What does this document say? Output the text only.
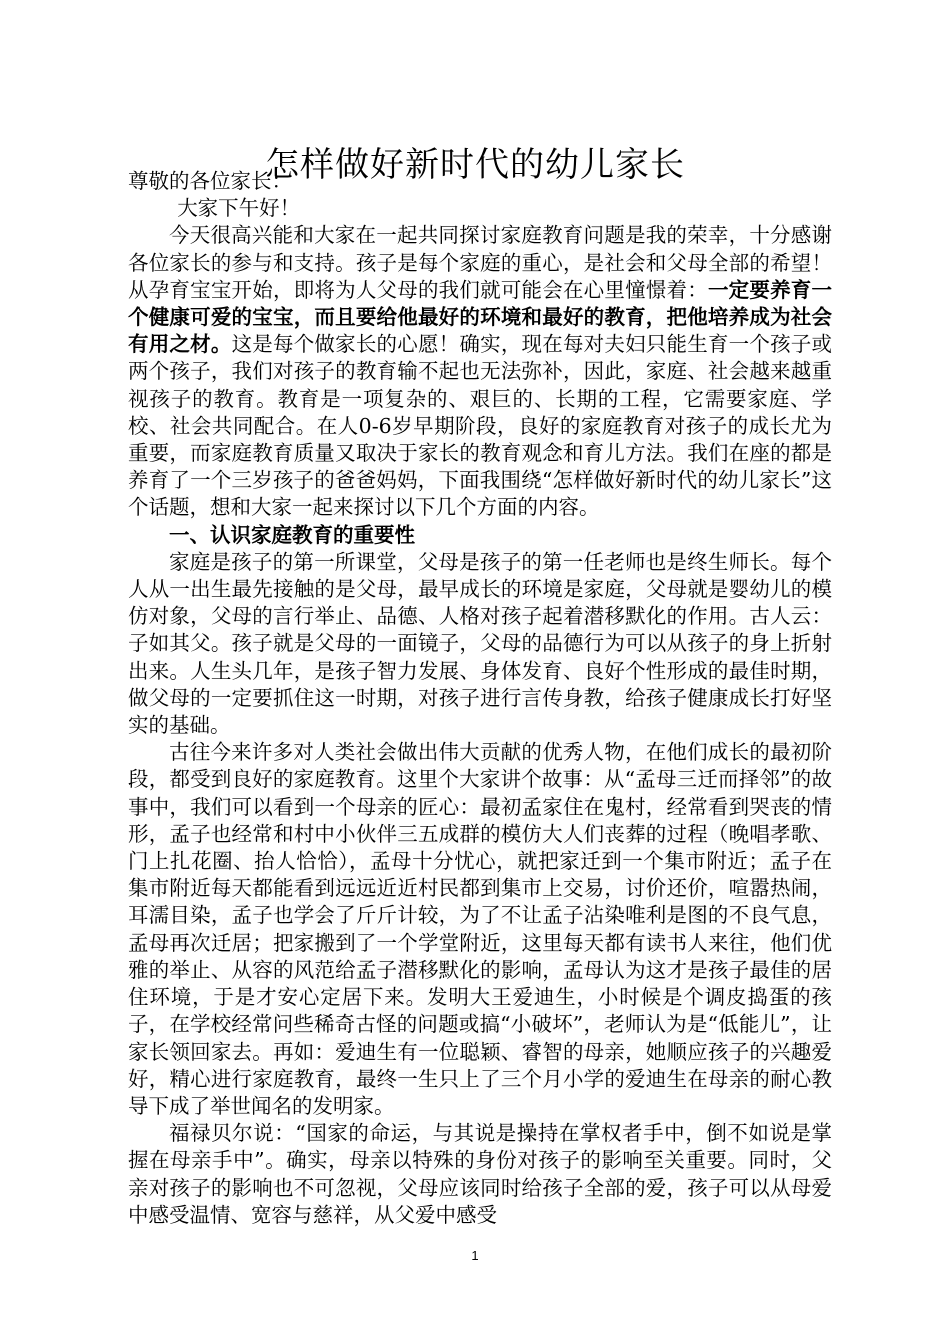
怎样做好新时代的幼儿家长

尊敬的各位家长：

大家下午好！

今天很高兴能和大家在一起共同探讨家庭教育问题是我的荣幸，十分感谢各位家长的参与和支持。孩子是每个家庭的重心，是社会和父母全部的希望！从孕育宝宝开始，即将为人父母的我们就可能会在心里憧憬着：一定要养育一个健康可爱的宝宝，而且要给他最好的环境和最好的教育，把他培养成为社会有用之材。这是每个做家长的心愿！确实，现在每对夫妇只能生育一个孩子或两个孩子，我们对孩子的教育输不起也无法弥补，因此，家庭、社会越来越重视孩子的教育。教育是一项复杂的、艰巨的、长期的工程，它需要家庭、学校、社会共同配合。在人0-6岁早期阶段，良好的家庭教育对孩子的成长尤为重要，而家庭教育质量又取决于家长的教育观念和育儿方法。我们在座的都是养育了一个三岁孩子的爸爸妈妈，下面我围绕“怎样做好新时代的幼儿家长”这个话题，想和大家一起来探讨以下几个方面的内容。

一、认识家庭教育的重要性

家庭是孩子的第一所课堂，父母是孩子的第一任老师也是终生师长。每个人从一出生最先接触的是父母，最早成长的环境是家庭，父母就是婴幼儿的模仿对象，父母的言行举止、品德、人格对孩子起着潜移默化的作用。古人云：子如其父。孩子就是父母的一面镜子，父母的品德行为可以从孩子的身上折射出来。人生头几年，是孩子智力发展、身体发育、良好个性形成的最佳时期，做父母的一定要抓住这一时期，对孩子进行言传身教，给孩子健康成长打好坚实的基础。

古往今来许多对人类社会做出伟大贡献的优秀人物，在他们成长的最初阶段，都受到良好的家庭教育。这里个大家讲个故事：从“孟母三迁而择邻”的故事中，我们可以看到一个母亲的匠心：最初孟家住在鬼村，经常看到哭丧的情形，孟子也经常和村中小伙伴三五成群的模仿大人们丧葬的过程（晚唱孝歌、门上扎花圈、抬人恰恰），孟母十分忧心，就把家迁到一个集市附近；孟子在集市附近每天都能看到远远近近村民都到集市上交易，讨价还价，喧嚣热闹，耳濡目染，孟子也学会了斤斤计较，为了不让孟子沾染唯利是图的不良气息，孟母再次迁居；把家搬到了一个学堂附近，这里每天都有读书人来往，他们优雅的举止、从容的风范给孟子潜移默化的影响，孟母认为这才是孩子最佳的居住环境，于是才安心定居下来。发明大王爱迪生，小时候是个调皮捣蛋的孩子，在学校经常问些稀奇古怪的问题或搞“小破坏”，老师认为是“低能儿”，让家长领回家去。再如：爱迪生有一位聪颖、睿智的母亲，她顺应孩子的兴趣爱好，精心进行家庭教育，最终一生只上了三个月小学的爱迪生在母亲的耐心教导下成了举世闻名的发明家。

福禄贝尔说：“国家的命运，与其说是操持在掌权者手中，倒不如说是掌握在母亲手中”。确实，母亲以特殊的身份对孩子的影响至关重要。同时，父亲对孩子的影响也不可忽视，父母应该同时给孩子全部的爱，孩子可以从母爱中感受温情、宽容与慈祥，从父爱中感受

1
